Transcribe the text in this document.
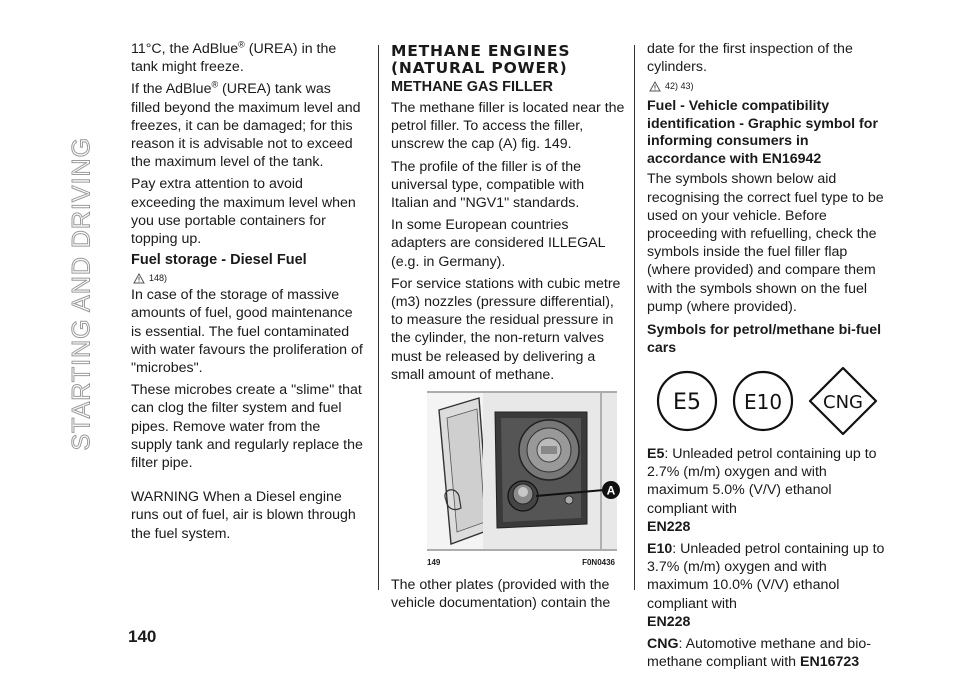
STARTING AND DRIVING

11°C, the AdBlue® (UREA) in the tank might freeze.

If the AdBlue® (UREA) tank was filled beyond the maximum level and freezes, it can be damaged; for this reason it is advisable not to exceed the maximum level of the tank.

Pay extra attention to avoid exceeding the maximum level when you use portable containers for topping up.

Fuel storage - Diesel Fuel
148)

In case of the storage of massive amounts of fuel, good maintenance is essential. The fuel contaminated with water favours the proliferation of "microbes".

These microbes create a "slime" that can clog the filter system and fuel pipes. Remove water from the supply tank and regularly replace the filter pipe.

WARNING When a Diesel engine runs out of fuel, air is blown through the fuel system.

METHANE ENGINES (NATURAL POWER)
METHANE GAS FILLER

The methane filler is located near the petrol filler. To access the filler, unscrew the cap (A) fig. 149.

The profile of the filler is of the universal type, compatible with Italian and "NGV1" standards.

In some European countries adapters are considered ILLEGAL (e.g. in Germany).

For service stations with cubic metre (m3) nozzles (pressure differential), to measure the residual pressure in the cylinder, the non-return valves must be released by delivering a small amount of methane.

A
149	F0N0436

The other plates (provided with the vehicle documentation) contain the

date for the first inspection of the cylinders.

42) 43)
Fuel - Vehicle compatibility identification - Graphic symbol for informing consumers in accordance with EN16942

The symbols shown below aid recognising the correct fuel type to be used on your vehicle. Before proceeding with refuelling, check the symbols inside the fuel filler flap (where provided) and compare them with the symbols shown on the fuel pump (where provided).

Symbols for petrol/methane bi-fuel cars
E5 E10 CNG

E5: Unleaded petrol containing up to 2.7% (m/m) oxygen and with maximum 5.0% (V/V) ethanol compliant with
EN228

E10: Unleaded petrol containing up to 3.7% (m/m) oxygen and with maximum 10.0% (V/V) ethanol compliant with
EN228

CNG: Automotive methane and bio-methane compliant with EN16723

140
